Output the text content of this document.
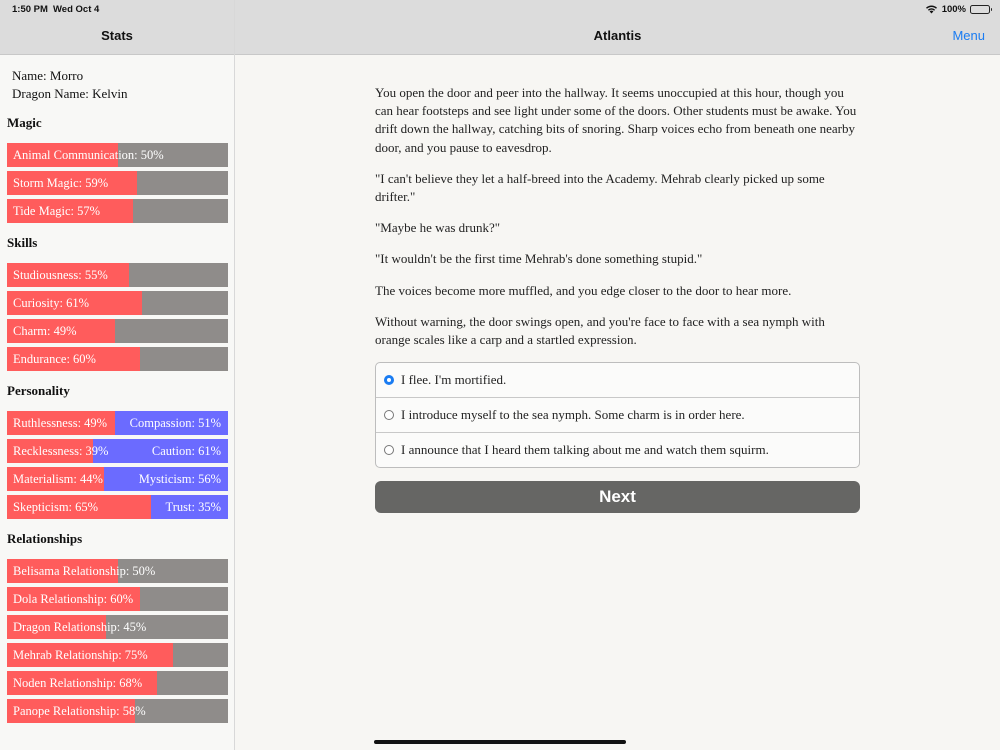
1:50 PM Wed Oct 4	100%
Stats
Name: Morro
Dragon Name: Kelvin
Magic
Animal Communication: 50%
Storm Magic: 59%
Tide Magic: 57%
Skills
Studiousness: 55%
Curiosity: 61%
Charm: 49%
Endurance: 60%
Personality
Ruthlessness: 49% Compassion: 51%
Recklessness: 39%	Caution: 61%
Materialism: 44%	Mysticism: 56%
Skepticism: 65%	Trust: 35%
Relationships
Belisama Relationship: 50%
Dola Relationship: 60%
Dragon Relationship: 45%
Mehrab Relationship: 75%
Noden Relationship: 68%
Panope Relationship: 58%
Atlantis	Menu

You open the door and peer into the hallway. It seems unoccupied at this hour, though you can hear footsteps and see light under some of the doors. Other students must be awake. You drift down the hallway, catching bits of snoring. Sharp voices echo from beneath one nearby door, and you pause to eavesdrop.

"I can't believe they let a half-breed into the Academy. Mehrab clearly picked up some drifter."

"Maybe he was drunk?"

"It wouldn't be the first time Mehrab's done something stupid."

The voices become more muffled, and you edge closer to the door to hear more.

Without warning, the door swings open, and you're face to face with a sea nymph with orange scales like a carp and a startled expression.

I flee. I'm mortified.
I introduce myself to the sea nymph. Some charm is in order here.
I announce that I heard them talking about me and watch them squirm.
Next
